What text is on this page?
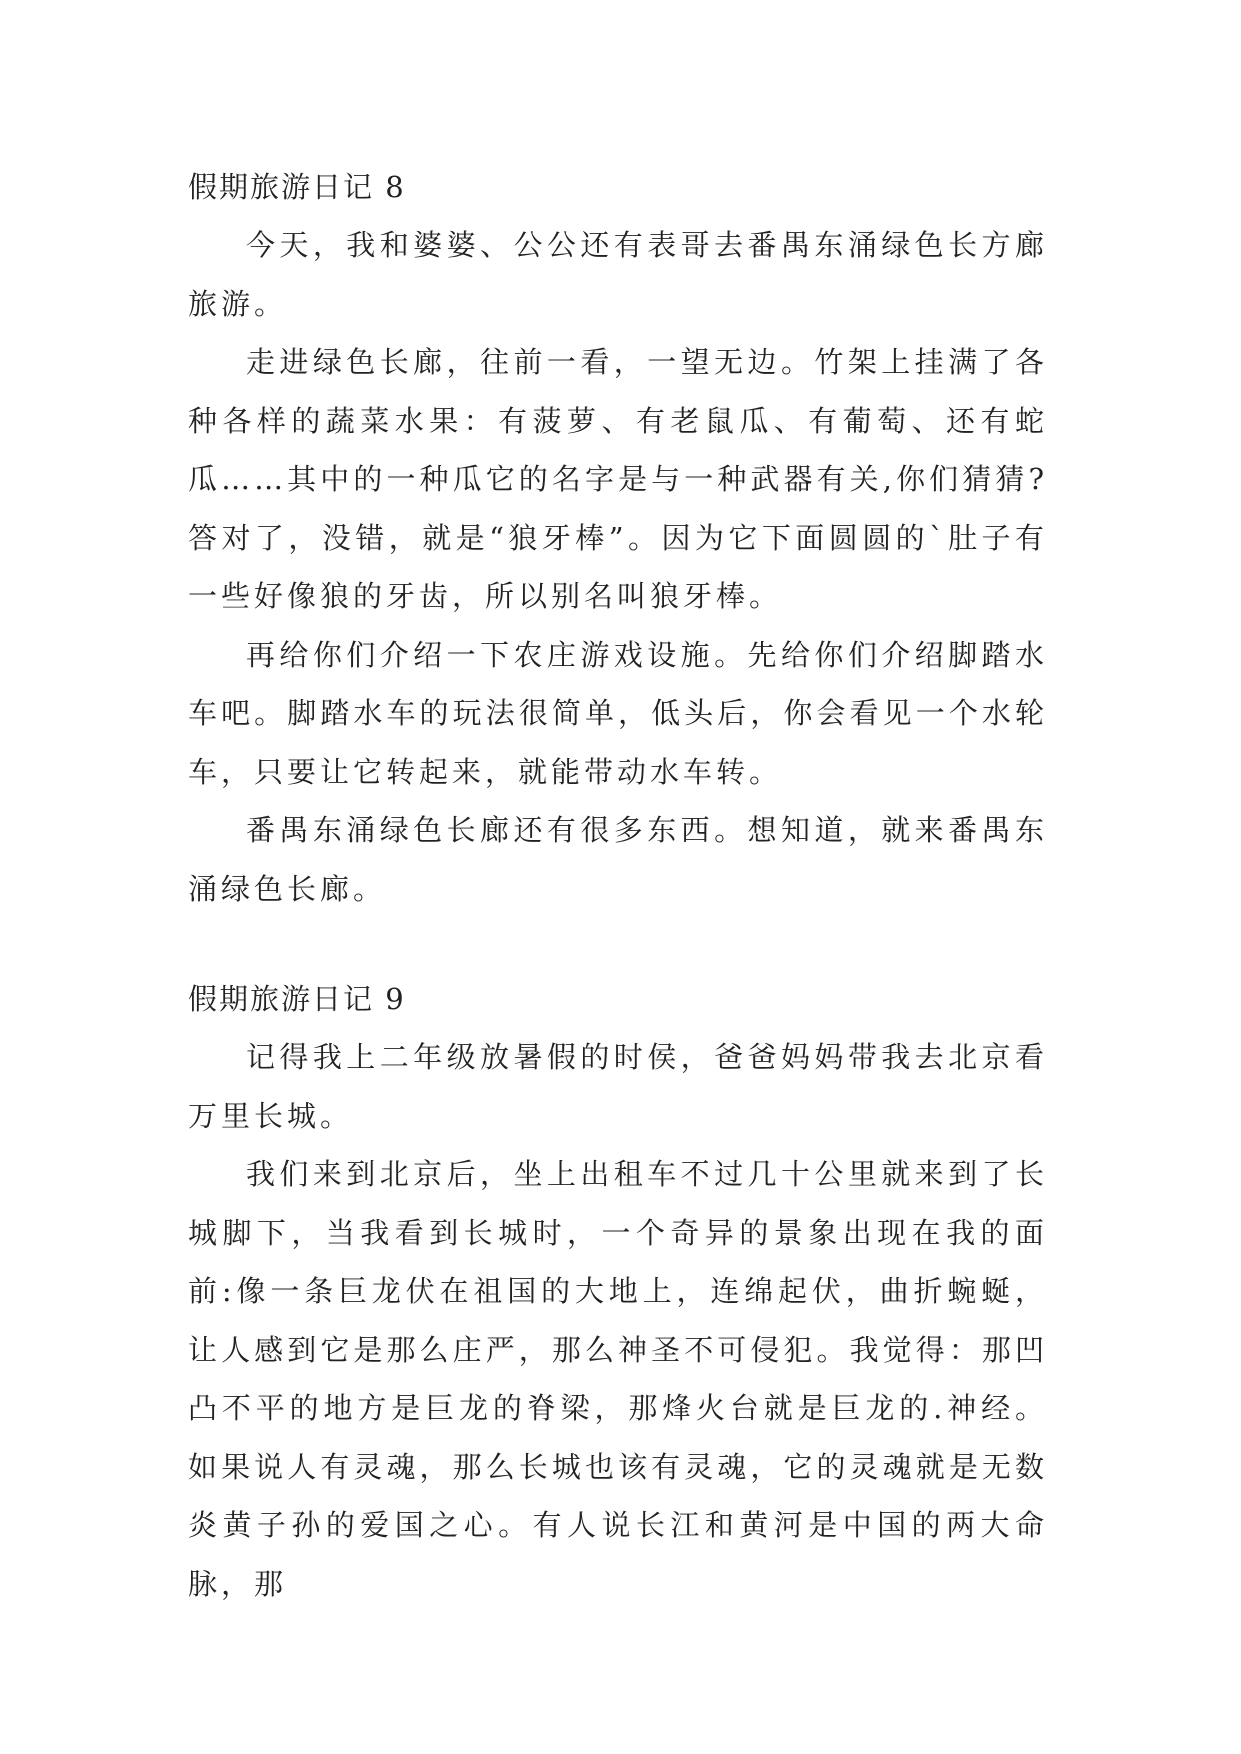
假期旅游日记 8

今天，我和婆婆、公公还有表哥去番禺东涌绿色长方廊旅游。

走进绿色长廊，往前一看，一望无边。竹架上挂满了各种各样的蔬菜水果：有菠萝、有老鼠瓜、有葡萄、还有蛇瓜……其中的一种瓜它的名字是与一种武器有关,你们猜猜?答对了，没错，就是“狼牙棒”。因为它下面圆圆的`肚子有一些好像狼的牙齿，所以别名叫狼牙棒。

再给你们介绍一下农庄游戏设施。先给你们介绍脚踏水车吧。脚踏水车的玩法很简单，低头后，你会看见一个水轮车，只要让它转起来，就能带动水车转。

番禺东涌绿色长廊还有很多东西。想知道，就来番禺东涌绿色长廊。

假期旅游日记 9

记得我上二年级放暑假的时侯，爸爸妈妈带我去北京看万里长城。

我们来到北京后，坐上出租车不过几十公里就来到了长城脚下，当我看到长城时，一个奇异的景象出现在我的面前:像一条巨龙伏在祖国的大地上，连绵起伏，曲折蜿蜒，让人感到它是那么庄严，那么神圣不可侵犯。我觉得：那凹凸不平的地方是巨龙的脊梁，那烽火台就是巨龙的.神经。如果说人有灵魂，那么长城也该有灵魂，它的灵魂就是无数炎黄子孙的爱国之心。有人说长江和黄河是中国的两大命脉，那
